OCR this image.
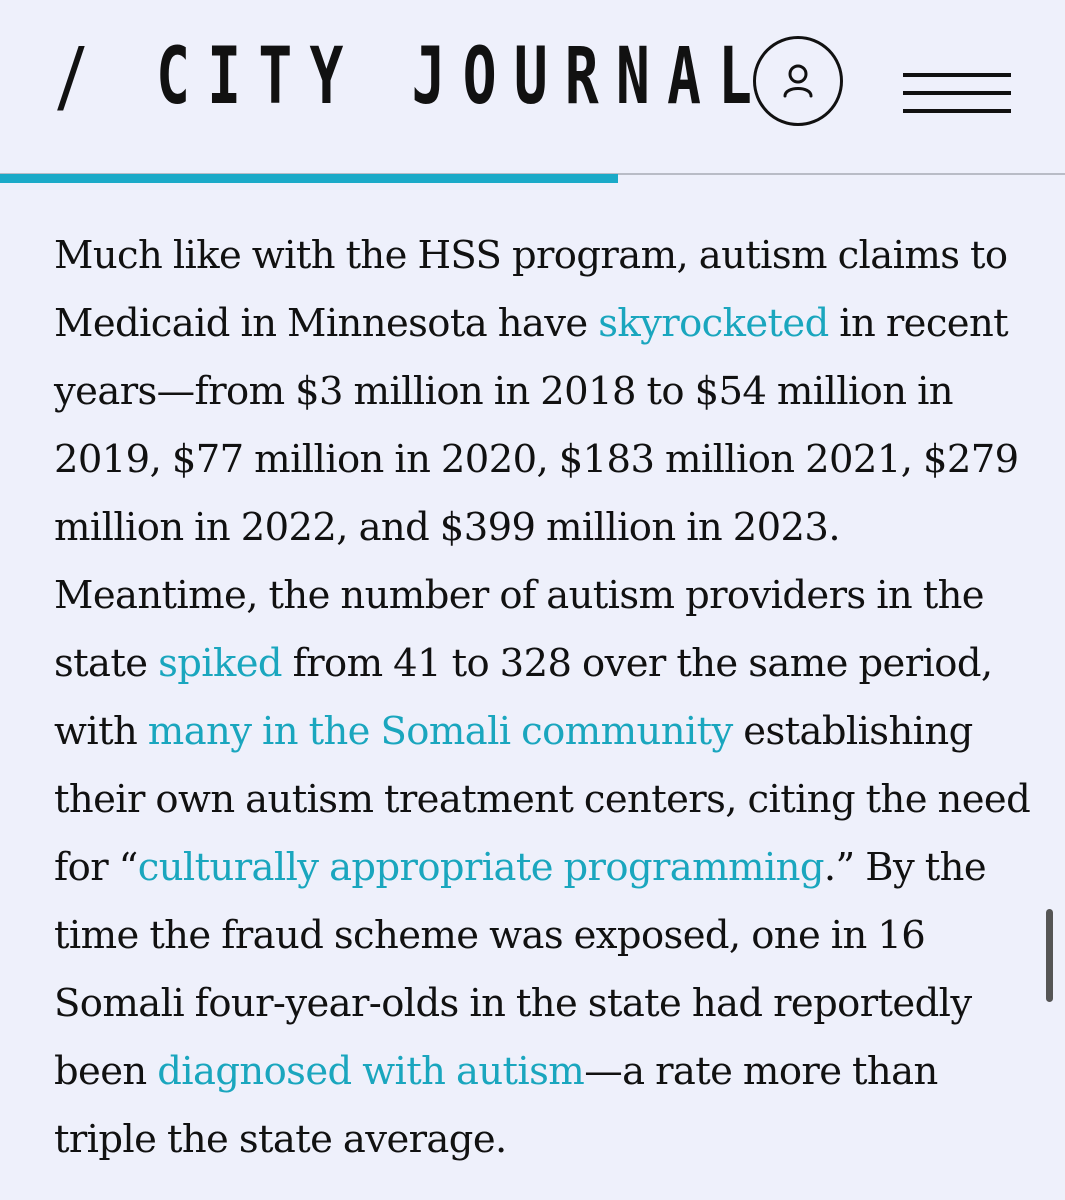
/ CITY JOURNAL

Much like with the HSS program, autism claims to Medicaid in Minnesota have skyrocketed in recent years—from $3 million in 2018 to $54 million in 2019, $77 million in 2020, $183 million 2021, $279 million in 2022, and $399 million in 2023. Meantime, the number of autism providers in the state spiked from 41 to 328 over the same period, with many in the Somali community establishing their own autism treatment centers, citing the need for “culturally appropriate programming.” By the time the fraud scheme was exposed, one in 16 Somali four-year-olds in the state had reportedly been diagnosed with autism—a rate more than triple the state average.
